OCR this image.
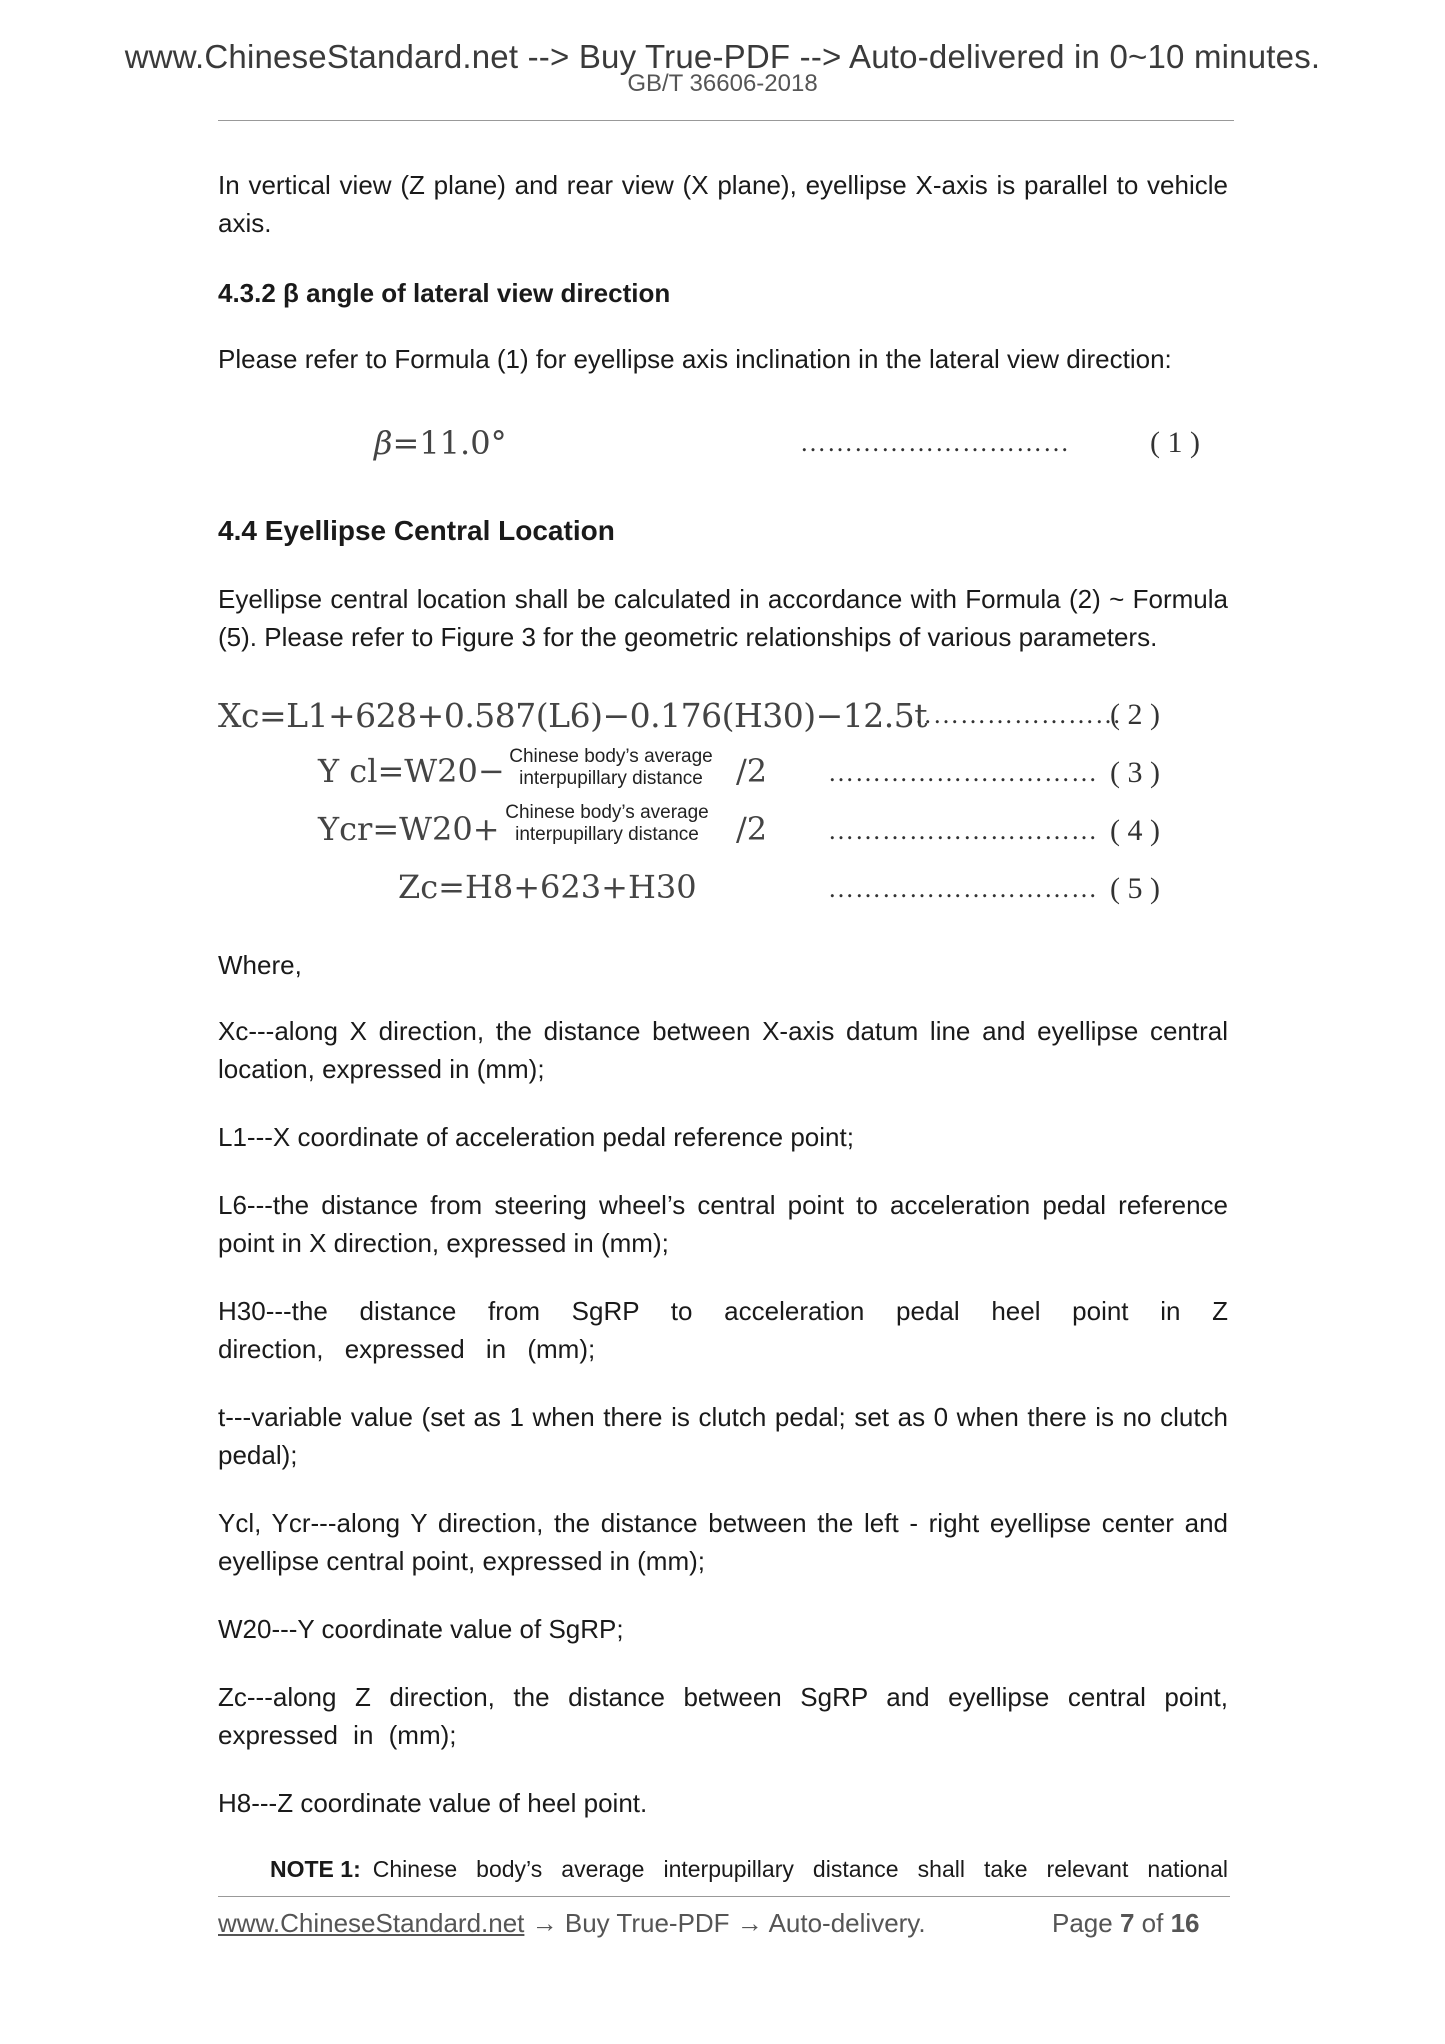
www.ChineseStandard.net --> Buy True-PDF --> Auto-delivered in 0~10 minutes.
GB/T 36606-2018
In vertical view (Z plane) and rear view (X plane), eyellipse X-axis is parallel to vehicle axis.
4.3.2 β angle of lateral view direction
Please refer to Formula (1) for eyellipse axis inclination in the lateral view direction:
β=11.0°	…………………………	( 1 )
4.4 Eyellipse Central Location
Eyellipse central location shall be calculated in accordance with Formula (2) ~ Formula (5). Please refer to Figure 3 for the geometric relationships of various parameters.
Xc=L1+628+0.587(L6)−0.176(H30)−12.5t
……………………
( 2 )
Y cl=W20− Chinese body’s average
interpupillary distance	/2 ………………………… ( 3 )
Ycr=W20+ Chinese body’s average
interpupillary distance	/2 ………………………… ( 4 )
Zc=H8+623+H30	………………………… ( 5 )
Where,
Xc---along X direction, the distance between X-axis datum line and eyellipse central location, expressed in (mm);
L1---X coordinate of acceleration pedal reference point;
L6---the distance from steering wheel’s central point to acceleration pedal reference point in X direction, expressed in (mm);
H30---the distance from SgRP to acceleration pedal heel point in Z direction, expressed in (mm);
t---variable value (set as 1 when there is clutch pedal; set as 0 when there is no clutch pedal);
Ycl, Ycr---along Y direction, the distance between the left - right eyellipse center and eyellipse central point, expressed in (mm);
W20---Y coordinate value of SgRP;
Zc---along Z direction, the distance between SgRP and eyellipse central point, expressed in (mm);
H8---Z coordinate value of heel point.
NOTE 1: Chinese body’s average interpupillary distance shall take relevant national
www.ChineseStandard.net → Buy True-PDF → Auto-delivery.	Page 7 of 16
